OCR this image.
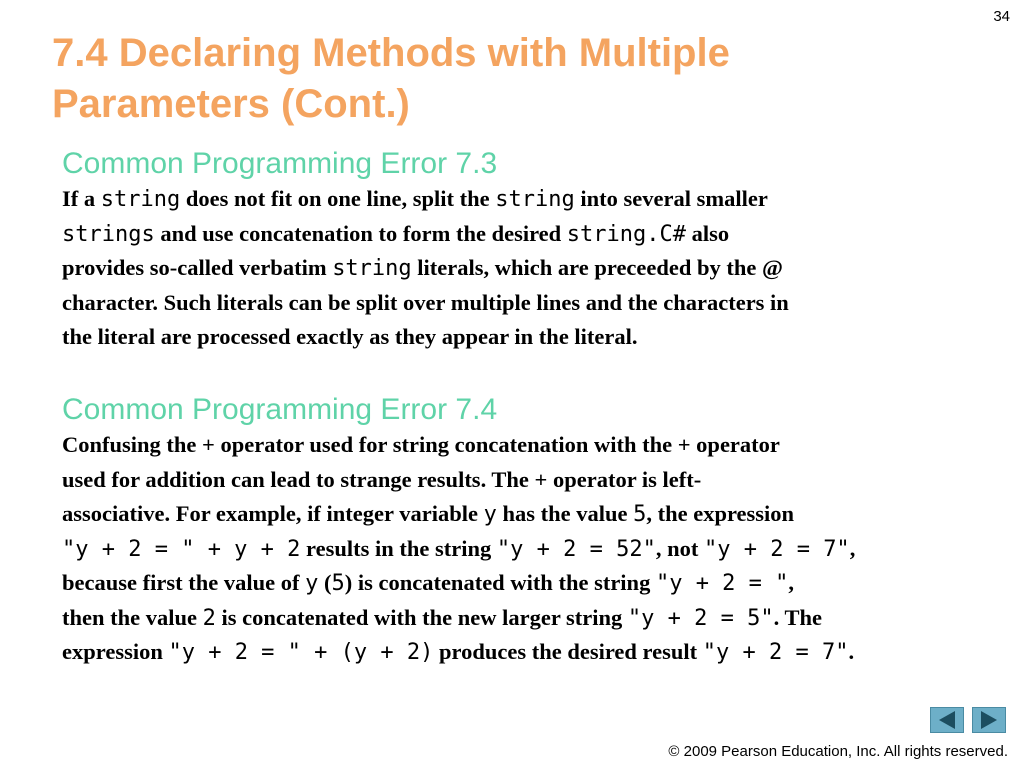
34
7.4 Declaring Methods with Multiple
Parameters (Cont.)
Common Programming Error 7.3
If a string does not fit on one line, split the string into several smaller
strings and use concatenation to form the desired string.C# also
provides so-called verbatim string literals, which are preceeded by the @
character. Such literals can be split over multiple lines and the characters in
the literal are processed exactly as they appear in the literal.
Common Programming Error 7.4
Confusing the + operator used for string concatenation with the + operator
used for addition can lead to strange results. The + operator is left-
associative. For example, if integer variable y has the value 5, the expression
"y + 2 = " + y + 2 results in the string "y + 2 = 52", not "y + 2 = 7",
because first the value of y (5) is concatenated with the string "y + 2 = ",
then the value 2 is concatenated with the new larger string "y + 2 = 5". The
expression "y + 2 = " + (y + 2) produces the desired result "y + 2 = 7".

© 2009 Pearson Education, Inc. All rights reserved.
